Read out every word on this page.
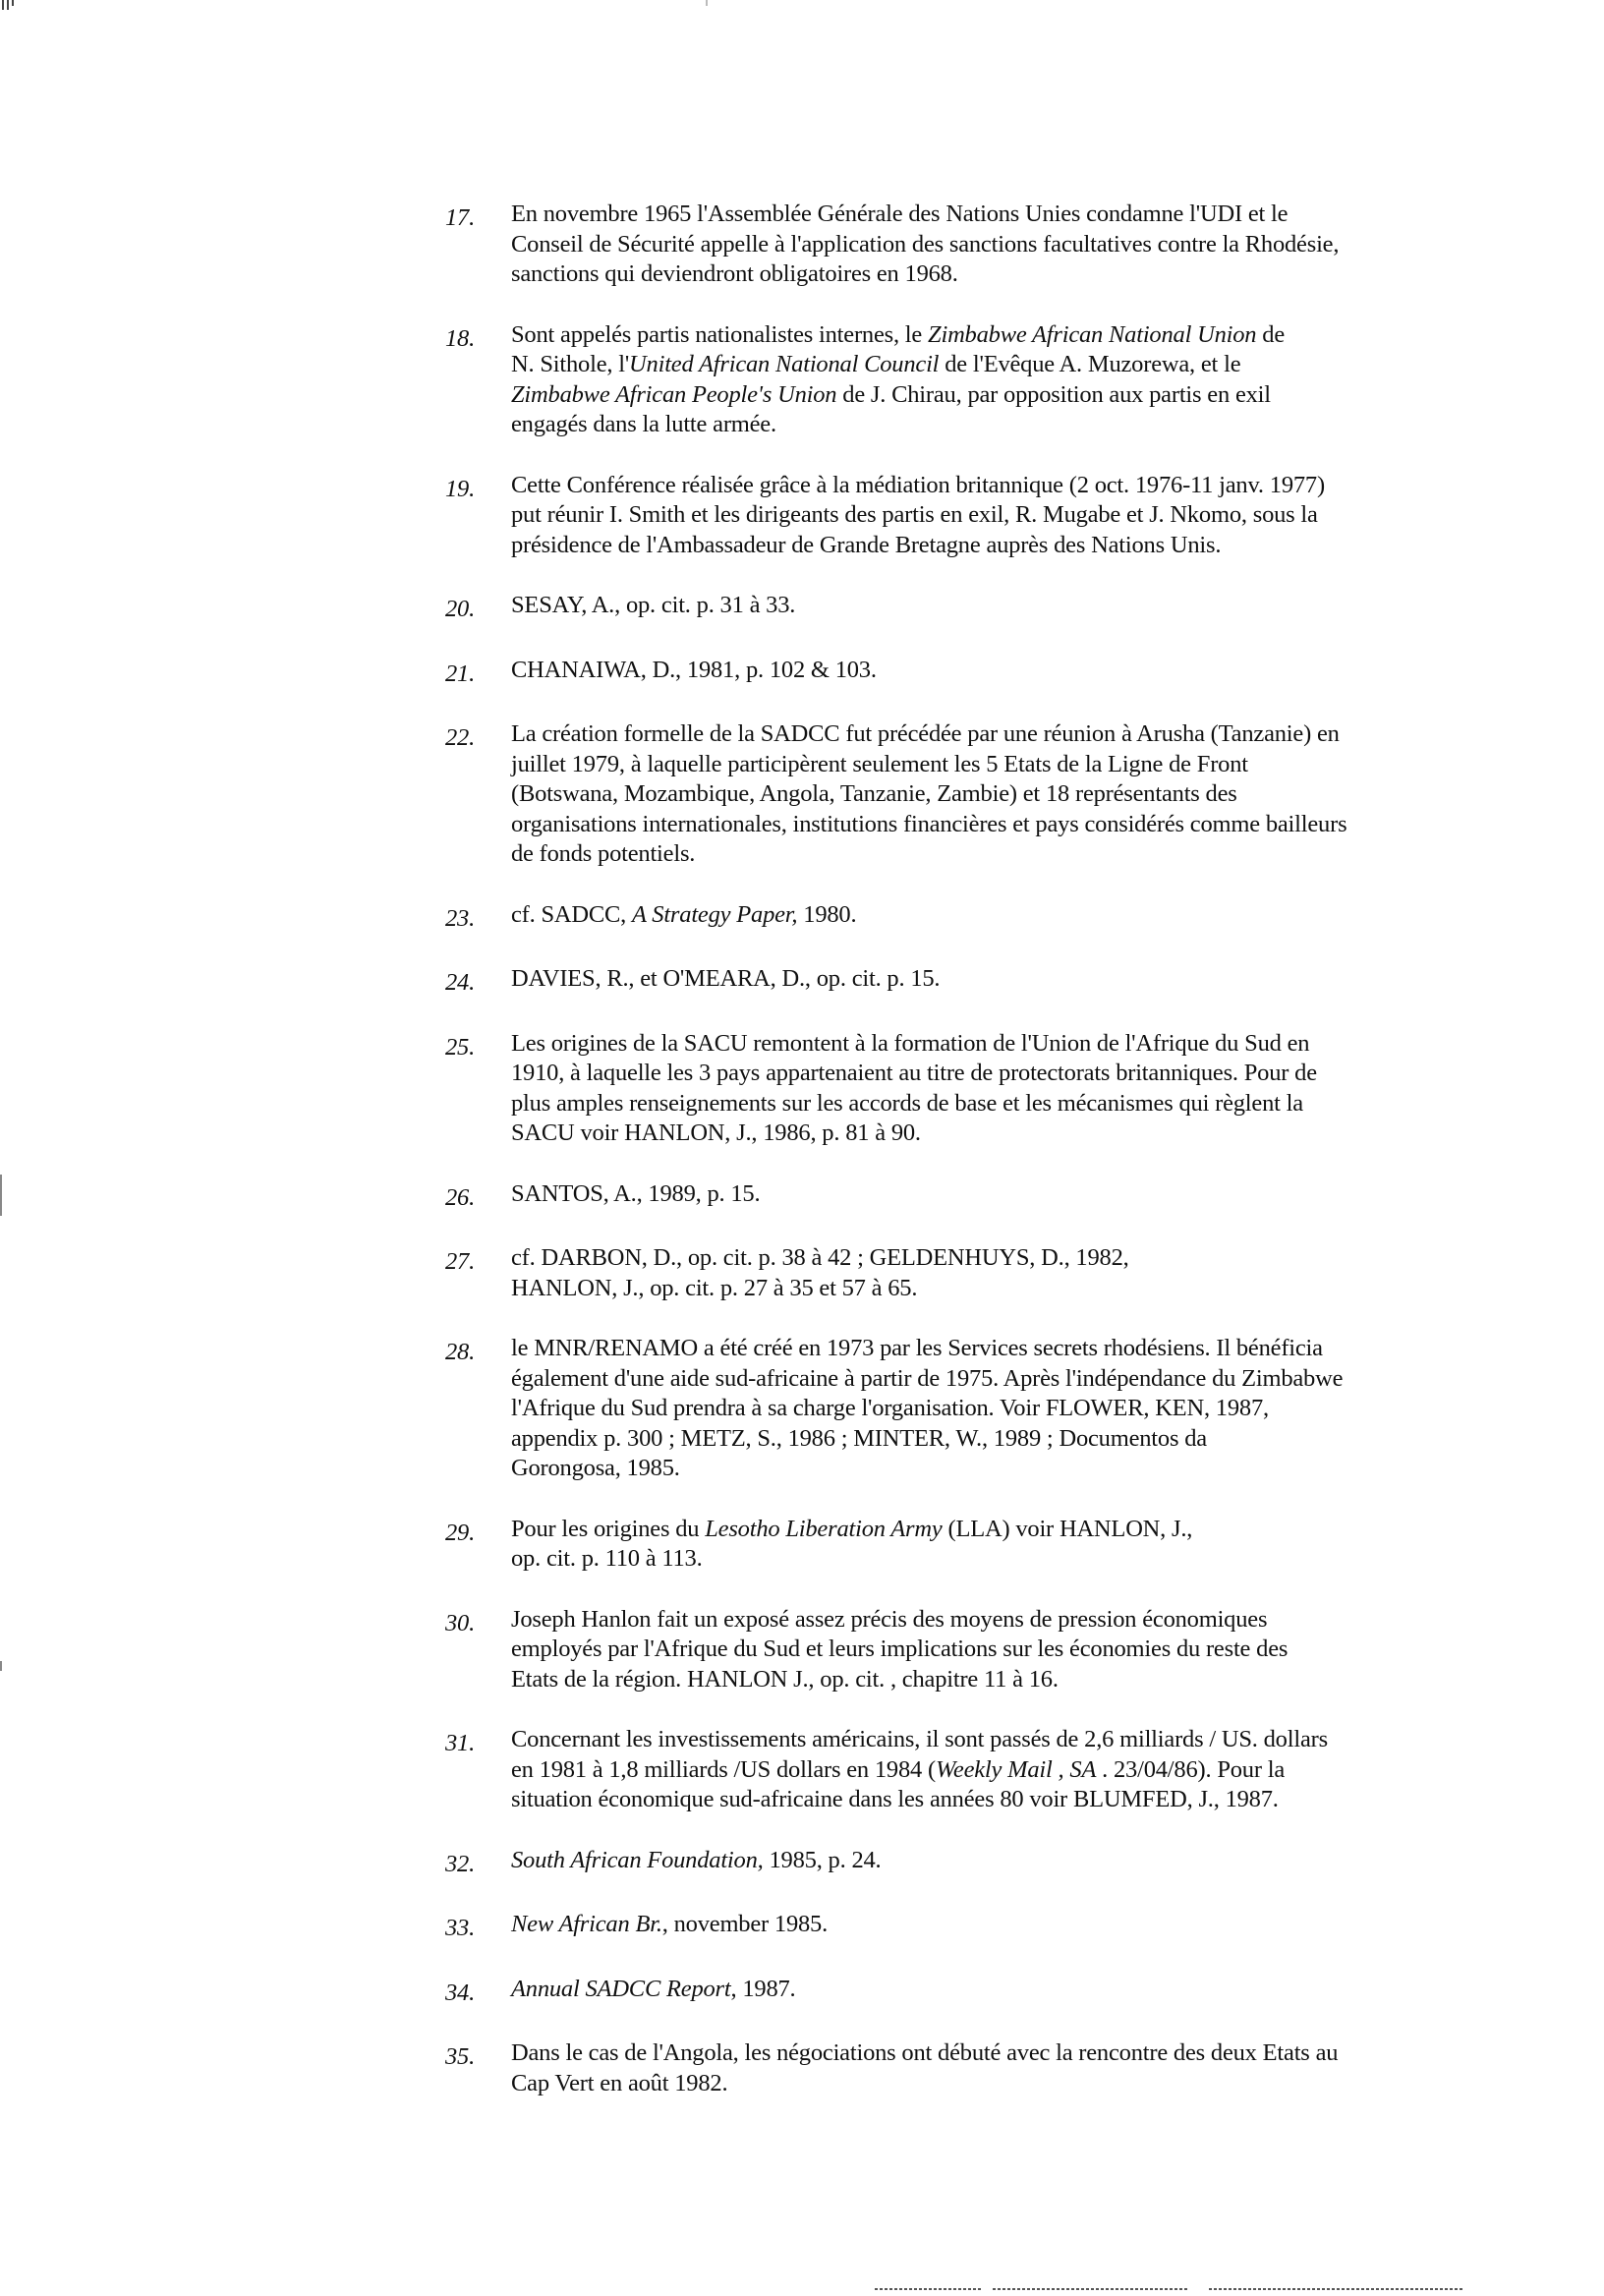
17.	En novembre 1965 l'Assemblée Générale des Nations Unies condamne l'UDI et le
Conseil de Sécurité appelle à l'application des sanctions facultatives contre la Rhodésie,
sanctions qui deviendront obligatoires en 1968.
18.	Sont appelés partis nationalistes internes, le Zimbabwe African National Union de
N. Sithole, l'United African National Council de l'Evêque A. Muzorewa, et le
Zimbabwe African People's Union de J. Chirau, par opposition aux partis en exil
engagés dans la lutte armée.
19.	Cette Conférence réalisée grâce à la médiation britannique (2 oct. 1976-11 janv. 1977)
put réunir I. Smith et les dirigeants des partis en exil, R. Mugabe et J. Nkomo, sous la
présidence de l'Ambassadeur de Grande Bretagne auprès des Nations Unis.
20.	SESAY, A., op. cit. p. 31 à 33.
21.	CHANAIWA, D., 1981, p. 102 & 103.
22.	La création formelle de la SADCC fut précédée par une réunion à Arusha (Tanzanie) en
juillet 1979, à laquelle participèrent seulement les 5 Etats de la Ligne de Front
(Botswana, Mozambique, Angola, Tanzanie, Zambie) et 18 représentants des
organisations internationales, institutions financières et pays considérés comme bailleurs
de fonds potentiels.
23.	cf. SADCC, A Strategy Paper, 1980.
24.	DAVIES, R., et O'MEARA, D., op. cit. p. 15.
25.	Les origines de la SACU remontent à la formation de l'Union de l'Afrique du Sud en
1910, à laquelle les 3 pays appartenaient au titre de protectorats britanniques. Pour de
plus amples renseignements sur les accords de base et les mécanismes qui règlent la
SACU voir HANLON, J., 1986, p. 81 à 90.
26.	SANTOS, A., 1989, p. 15.
27.	cf. DARBON, D., op. cit. p. 38 à 42 ; GELDENHUYS, D., 1982,
HANLON, J., op. cit. p. 27 à 35 et 57 à 65.
28.	le MNR/RENAMO a été créé en 1973 par les Services secrets rhodésiens. Il bénéficia
également d'une aide sud-africaine à partir de 1975. Après l'indépendance du Zimbabwe
l'Afrique du Sud prendra à sa charge l'organisation. Voir FLOWER, KEN, 1987,
appendix p. 300 ; METZ, S., 1986 ; MINTER, W., 1989 ; Documentos da
Gorongosa, 1985.
29.	Pour les origines du Lesotho Liberation Army (LLA) voir HANLON, J.,
op. cit. p. 110 à 113.
30.	Joseph Hanlon fait un exposé assez précis des moyens de pression économiques
employés par l'Afrique du Sud et leurs implications sur les économies du reste des
Etats de la région. HANLON J., op. cit. , chapitre 11 à 16.
31.	Concernant les investissements américains, il sont passés de 2,6 milliards / US. dollars
en 1981 à 1,8 milliards /US dollars en 1984 (Weekly Mail , SA . 23/04/86). Pour la
situation économique sud-africaine dans les années 80 voir BLUMFED, J., 1987.
32.	South African Foundation, 1985, p. 24.
33.	New African Br., november 1985.
34.	Annual SADCC Report, 1987.
35.	Dans le cas de l'Angola, les négociations ont débuté avec la rencontre des deux Etats au
Cap Vert en août 1982.
